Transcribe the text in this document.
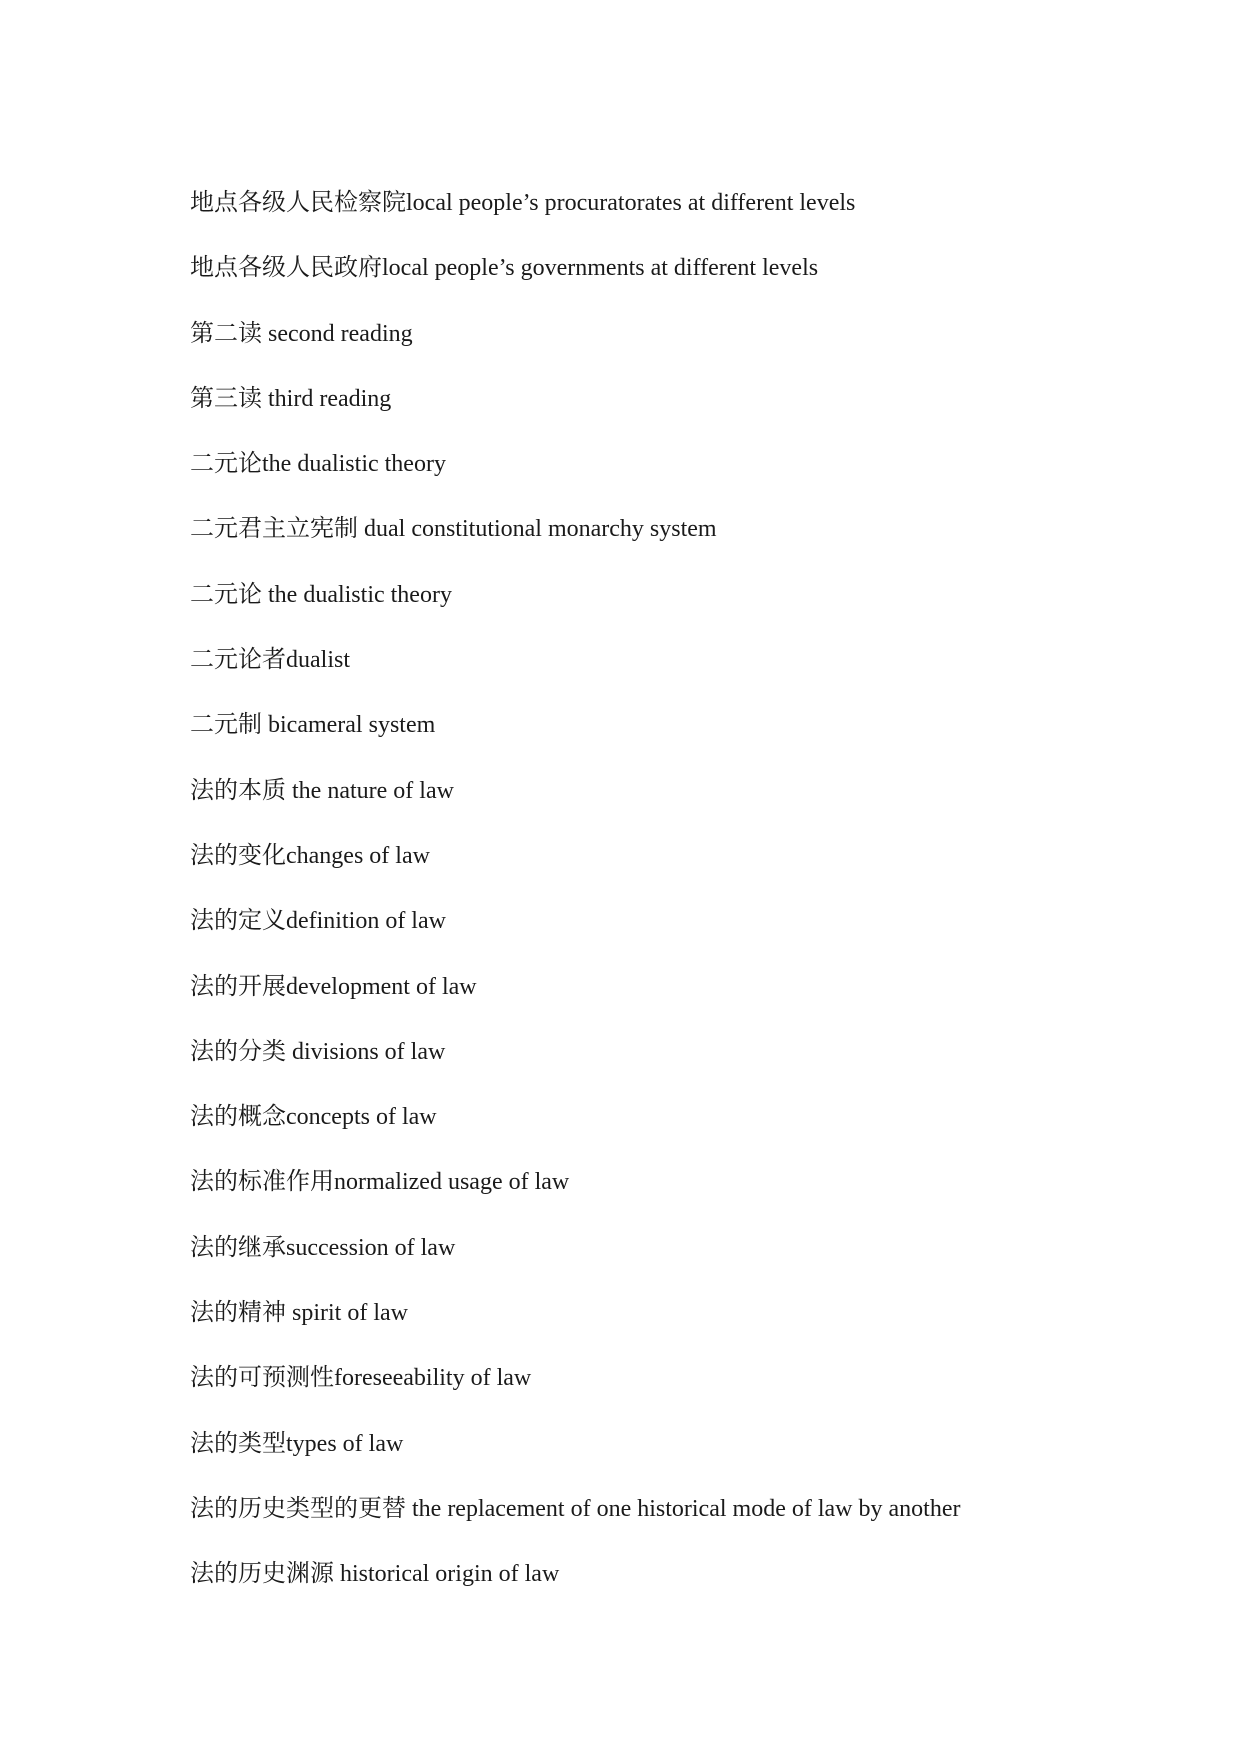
地点各级人民检察院local people’s procuratorates at different levels
地点各级人民政府local people’s governments at different levels
第二读 second reading
第三读 third reading
二元论the dualistic theory
二元君主立宪制 dual constitutional monarchy system
二元论 the dualistic theory
二元论者dualist
二元制 bicameral system
法的本质 the nature of law
法的变化changes of law
法的定义definition of law
法的开展development of law
法的分类 divisions of law
法的概念concepts of law
法的标准作用normalized usage of law
法的继承succession of law
法的精神 spirit of law
法的可预测性foreseeability of law
法的类型types of law
法的历史类型的更替 the replacement of one historical mode of law by another
法的历史渊源 historical origin of law
